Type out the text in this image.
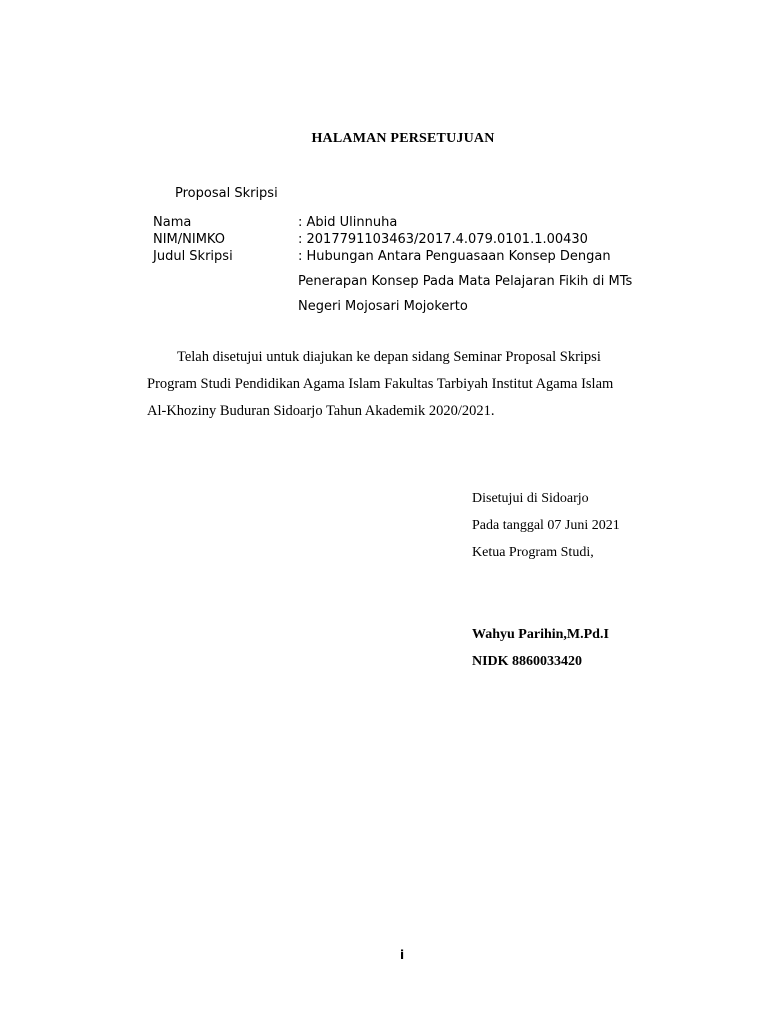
HALAMAN PERSETUJUAN
Proposal Skripsi
Nama	: Abid Ulinnuha
NIM/NIMKO	: 2017791103463/2017.4.079.0101.1.00430
Judul Skripsi	: Hubungan Antara Penguasaan Konsep Dengan
Penerapan Konsep Pada Mata Pelajaran Fikih di MTs
Negeri Mojosari Mojokerto
Telah disetujui untuk diajukan ke depan sidang Seminar Proposal Skripsi
Program Studi Pendidikan Agama Islam Fakultas Tarbiyah Institut Agama Islam
Al-Khoziny Buduran Sidoarjo Tahun Akademik 2020/2021.
Disetujui di Sidoarjo
Pada tanggal 07 Juni 2021
Ketua Program Studi,
Wahyu Parihin,M.Pd.I
NIDK 8860033420
i
